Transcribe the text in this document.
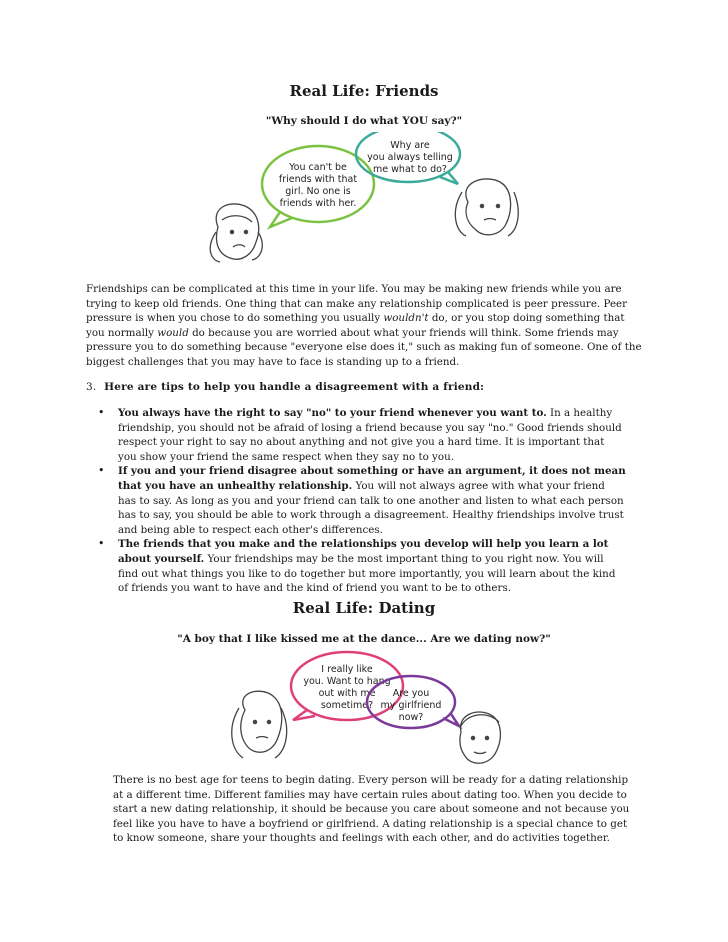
Real Life: Friends
"Why should I do what YOU say?"
You can't be
friends with that
girl. No one is
friends with her.
Why are
you always telling
me what to do?
Friendships can be complicated at this time in your life. You may be making new friends while you are trying to keep old friends. One thing that can make any relationship complicated is peer pressure. Peer pressure is when you chose to do something you usually wouldn't do, or you stop doing something that you normally would do because you are worried about what your friends will think. Some friends may pressure you to do something because "everyone else does it," such as making fun of someone. One of the biggest challenges that you may have to face is standing up to a friend.
3. Here are tips to help you handle a disagreement with a friend:
• You always have the right to say "no" to your friend whenever you want to. In a healthy friendship, you should not be afraid of losing a friend because you say "no." Good friends should respect your right to say no about anything and not give you a hard time. It is important that you show your friend the same respect when they say no to you.
• If you and your friend disagree about something or have an argument, it does not mean that you have an unhealthy relationship. You will not always agree with what your friend has to say. As long as you and your friend can talk to one another and listen to what each person has to say, you should be able to work through a disagreement. Healthy friendships involve trust and being able to respect each other's differences.
• The friends that you make and the relationships you develop will help you learn a lot about yourself. Your friendships may be the most important thing to you right now. You will find out what things you like to do together but more importantly, you will learn about the kind of friends you want to have and the kind of friend you want to be to others.
Real Life: Dating
"A boy that I like kissed me at the dance... Are we dating now?"
I really like
you. Want to hang
out with me
sometime?
Are you
my girlfriend
now?
There is no best age for teens to begin dating. Every person will be ready for a dating relationship at a different time. Different families may have certain rules about dating too. When you decide to start a new dating relationship, it should be because you care about someone and not because you feel like you have to have a boyfriend or girlfriend. A dating relationship is a special chance to get to know someone, share your thoughts and feelings with each other, and do activities together.
